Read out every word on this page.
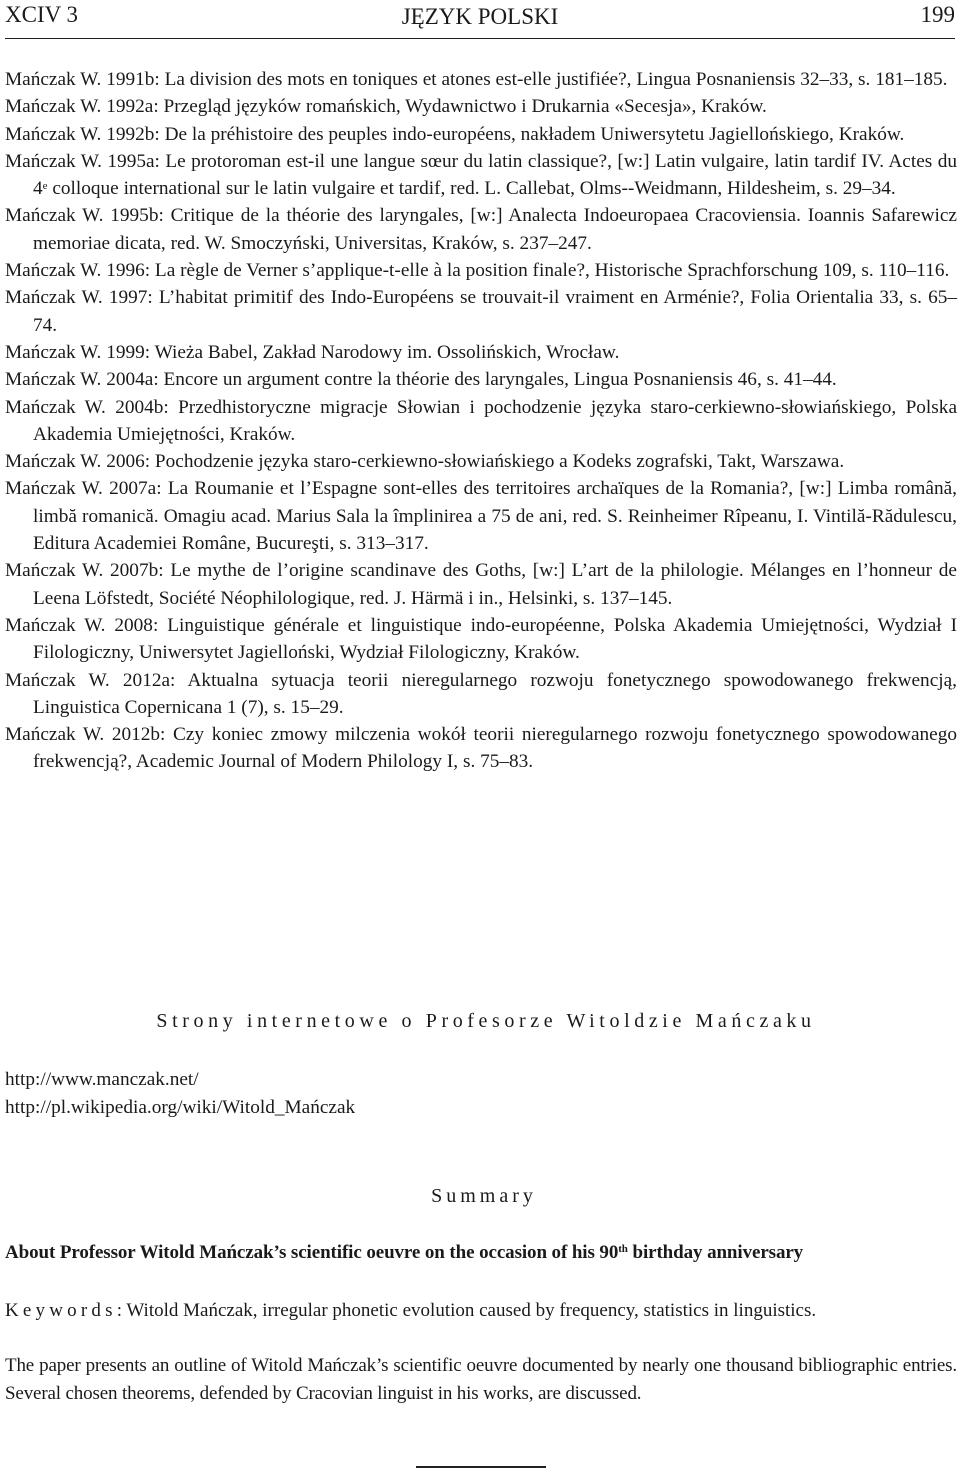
XCIV 3	JĘZYK POLSKI	199
Mańczak W. 1991b: La division des mots en toniques et atones est-elle justifiée?, Lingua Posnaniensis 32–33, s. 181–185.
Mańczak W. 1992a: Przegląd języków romańskich, Wydawnictwo i Drukarnia «Secesja», Kraków.
Mańczak W. 1992b: De la préhistoire des peuples indo-européens, nakładem Uniwersytetu Jagiellońskiego, Kraków.
Mańczak W. 1995a: Le protoroman est-il une langue sœur du latin classique?, [w:] Latin vulgaire, latin tardif IV. Actes du 4e colloque international sur le latin vulgaire et tardif, red. L. Callebat, Olms--Weidmann, Hildesheim, s. 29–34.
Mańczak W. 1995b: Critique de la théorie des laryngales, [w:] Analecta Indoeuropaea Cracoviensia. Ioannis Safarewicz memoriae dicata, red. W. Smoczyński, Universitas, Kraków, s. 237–247.
Mańczak W. 1996: La règle de Verner s’applique-t-elle à la position finale?, Historische Sprachforschung 109, s. 110–116.
Mańczak W. 1997: L’habitat primitif des Indo-Européens se trouvait-il vraiment en Arménie?, Folia Orientalia 33, s. 65–74.
Mańczak W. 1999: Wieża Babel, Zakład Narodowy im. Ossolińskich, Wrocław.
Mańczak W. 2004a: Encore un argument contre la théorie des laryngales, Lingua Posnaniensis 46, s. 41–44.
Mańczak W. 2004b: Przedhistoryczne migracje Słowian i pochodzenie języka staro-cerkiewno-słowiańskiego, Polska Akademia Umiejętności, Kraków.
Mańczak W. 2006: Pochodzenie języka staro-cerkiewno-słowiańskiego a Kodeks zografski, Takt, Warszawa.
Mańczak W. 2007a: La Roumanie et l’Espagne sont-elles des territoires archaïques de la Romania?, [w:] Limba română, limbă romanică. Omagiu acad. Marius Sala la împlinirea a 75 de ani, red. S. Reinheimer Rîpeanu, I. Vintilă-Rădulescu, Editura Academiei Române, Bucureşti, s. 313–317.
Mańczak W. 2007b: Le mythe de l’origine scandinave des Goths, [w:] L’art de la philologie. Mélanges en l’honneur de Leena Löfstedt, Société Néophilologique, red. J. Härmä i in., Helsinki, s. 137–145.
Mańczak W. 2008: Linguistique générale et linguistique indo-européenne, Polska Akademia Umiejętności, Wydział I Filologiczny, Uniwersytet Jagielloński, Wydział Filologiczny, Kraków.
Mańczak W. 2012a: Aktualna sytuacja teorii nieregularnego rozwoju fonetycznego spowodowanego frekwencją, Linguistica Copernicana 1 (7), s. 15–29.
Mańczak W. 2012b: Czy koniec zmowy milczenia wokół teorii nieregularnego rozwoju fonetycznego spowodowanego frekwencją?, Academic Journal of Modern Philology I, s. 75–83.
Strony internetowe o Profesorze Witoldzie Mańczaku
http://www.manczak.net/
http://pl.wikipedia.org/wiki/Witold_Mańczak
Summary
About Professor Witold Mańczak’s scientific oeuvre on the occasion of his 90th birthday anniversary
Keywords: Witold Mańczak, irregular phonetic evolution caused by frequency, statistics in linguistics.
The paper presents an outline of Witold Mańczak’s scientific oeuvre documented by nearly one thousand bibliographic entries. Several chosen theorems, defended by Cracovian linguist in his works, are discussed.
